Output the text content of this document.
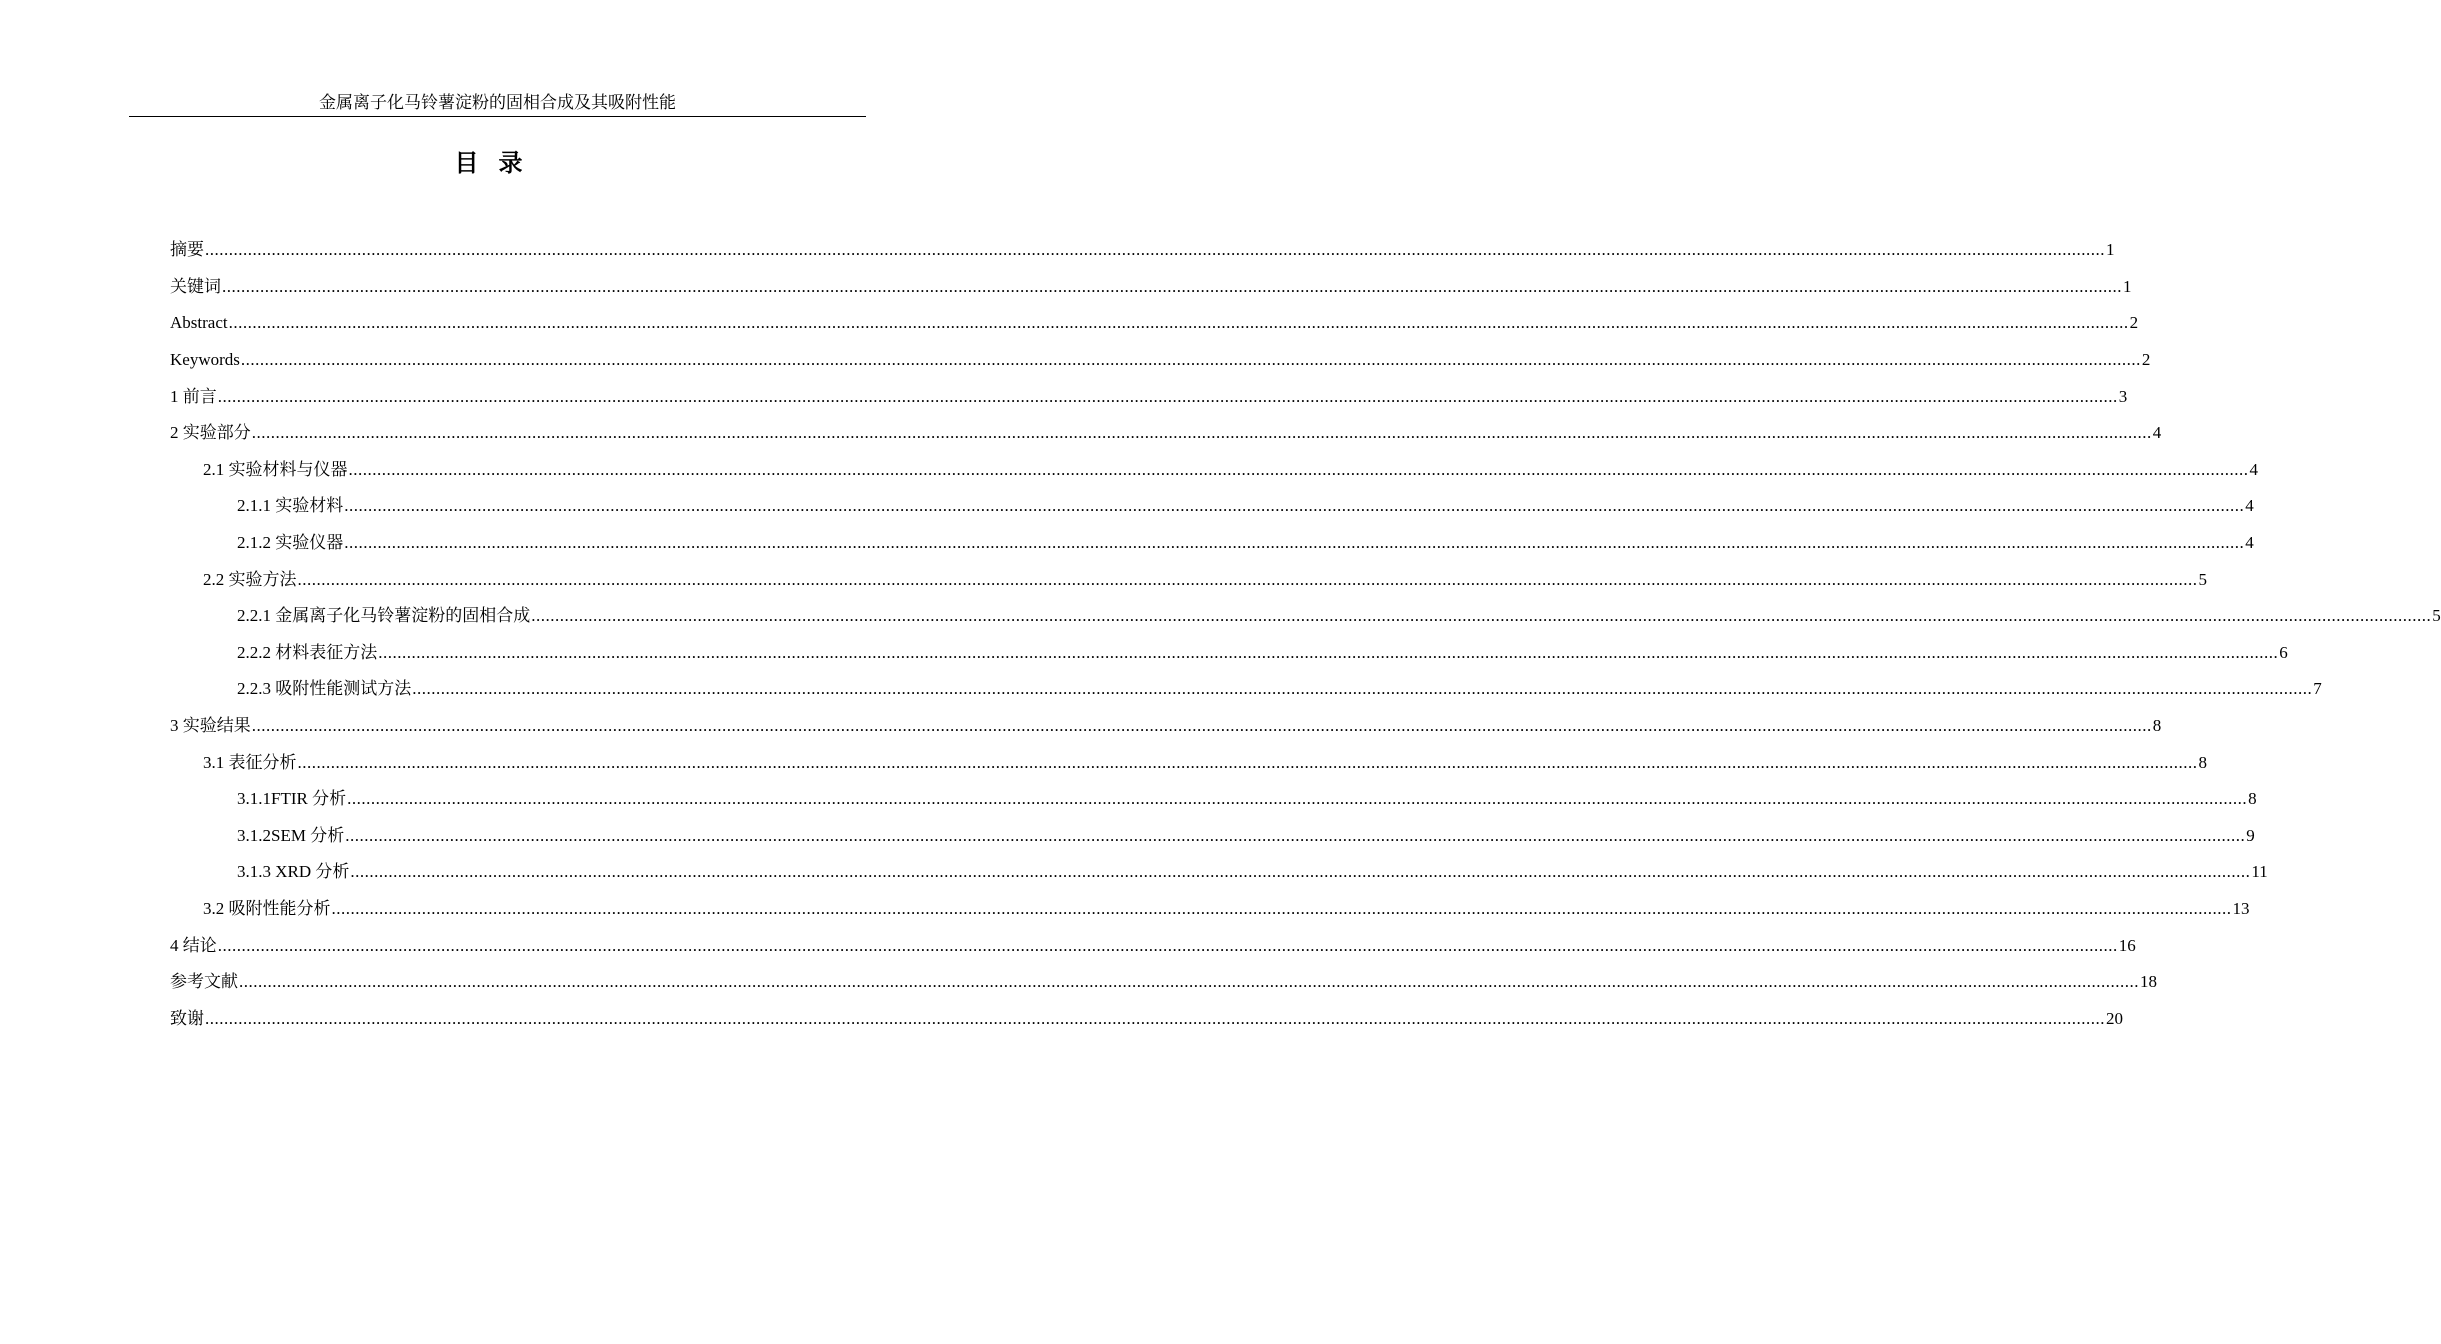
金属离子化马铃薯淀粉的固相合成及其吸附性能
目录
摘要 ................................................................................................................................................................................................................................................................................................................................................................................................................ 1
关键词 ................................................................................................................................................................................................................................................................................................................................................................................................................ 1
Abstract ................................................................................................................................................................................................................................................................................................................................................................................................................ 2
Keywords ................................................................................................................................................................................................................................................................................................................................................................................................................ 2
1 前言 ................................................................................................................................................................................................................................................................................................................................................................................................................ 3
2 实验部分 ................................................................................................................................................................................................................................................................................................................................................................................................................ 4
2.1 实验材料与仪器 ................................................................................................................................................................................................................................................................................................................................................................................................................ 4
2.1.1 实验材料 ................................................................................................................................................................................................................................................................................................................................................................................................................ 4
2.1.2 实验仪器 ................................................................................................................................................................................................................................................................................................................................................................................................................ 4
2.2 实验方法 ................................................................................................................................................................................................................................................................................................................................................................................................................ 5
2.2.1 金属离子化马铃薯淀粉的固相合成 ................................................................................................................................................................................................................................................................................................................................................................................................................ 5
2.2.2 材料表征方法 ................................................................................................................................................................................................................................................................................................................................................................................................................ 6
2.2.3 吸附性能测试方法 ................................................................................................................................................................................................................................................................................................................................................................................................................ 7
3 实验结果 ................................................................................................................................................................................................................................................................................................................................................................................................................ 8
3.1 表征分析 ................................................................................................................................................................................................................................................................................................................................................................................................................ 8
3.1.1FTIR 分析 ................................................................................................................................................................................................................................................................................................................................................................................................................ 8
3.1.2SEM 分析 ................................................................................................................................................................................................................................................................................................................................................................................................................ 9
3.1.3 XRD 分析 ................................................................................................................................................................................................................................................................................................................................................................................................................ 11
3.2 吸附性能分析 ................................................................................................................................................................................................................................................................................................................................................................................................................ 13
4 结论 ................................................................................................................................................................................................................................................................................................................................................................................................................ 16
参考文献 ................................................................................................................................................................................................................................................................................................................................................................................................................ 18
致谢 ................................................................................................................................................................................................................................................................................................................................................................................................................ 20
